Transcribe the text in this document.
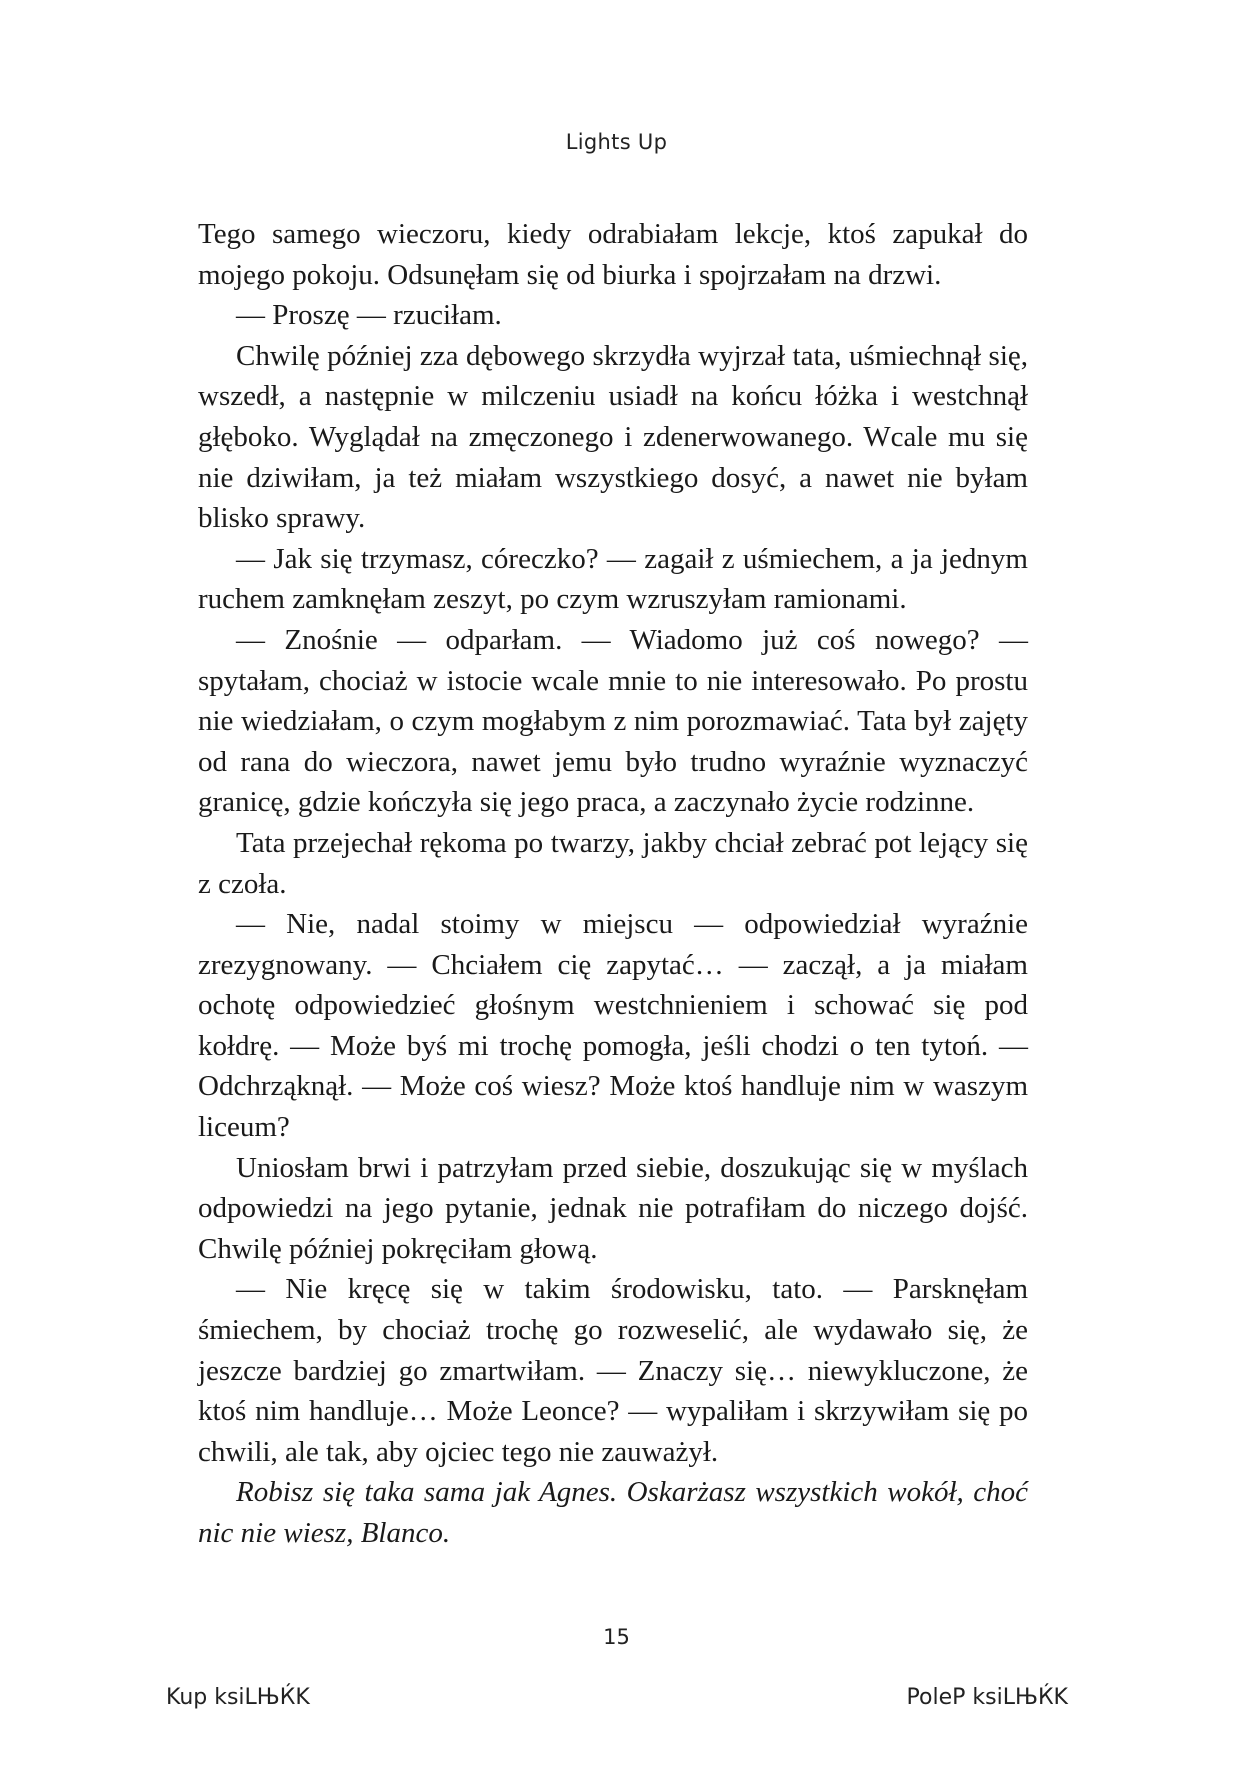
Lights Up

Tego samego wieczoru, kiedy odrabiałam lekcje, ktoś zapukał do mojego pokoju. Odsunęłam się od biurka i spojrzałam na drzwi.

— Proszę — rzuciłam.

Chwilę później zza dębowego skrzydła wyjrzał tata, uśmiechnął się, wszedł, a następnie w milczeniu usiadł na końcu łóżka i westchnął głęboko. Wyglądał na zmęczonego i zdenerwowanego. Wcale mu się nie dziwiłam, ja też miałam wszystkiego dosyć, a nawet nie byłam blisko sprawy.

— Jak się trzymasz, córeczko? — zagaił z uśmiechem, a ja jednym ruchem zamknęłam zeszyt, po czym wzruszyłam ramionami.

— Znośnie — odparłam. — Wiadomo już coś nowego? — spytałam, chociaż w istocie wcale mnie to nie interesowało. Po prostu nie wiedziałam, o czym mogłabym z nim porozmawiać. Tata był zajęty od rana do wieczora, nawet jemu było trudno wyraźnie wyznaczyć granicę, gdzie kończyła się jego praca, a zaczynało życie rodzinne.

Tata przejechał rękoma po twarzy, jakby chciał zebrać pot lejący się z czoła.

— Nie, nadal stoimy w miejscu — odpowiedział wyraźnie zrezygnowany. — Chciałem cię zapytać… — zaczął, a ja miałam ochotę odpowiedzieć głośnym westchnieniem i schować się pod kołdrę. — Może byś mi trochę pomogła, jeśli chodzi o ten tytoń. — Odchrząknął. — Może coś wiesz? Może ktoś handluje nim w waszym liceum?

Uniosłam brwi i patrzyłam przed siebie, doszukując się w myślach odpowiedzi na jego pytanie, jednak nie potrafiłam do niczego dojść. Chwilę później pokręciłam głową.

— Nie kręcę się w takim środowisku, tato. — Parsknęłam śmiechem, by chociaż trochę go rozweselić, ale wydawało się, że jeszcze bardziej go zmartwiłam. — Znaczy się… niewykluczone, że ktoś nim handluje… Może Leonce? — wypaliłam i skrzywiłam się po chwili, ale tak, aby ojciec tego nie zauważył.

Robisz się taka sama jak Agnes. Oskarżasz wszystkich wokół, choć nic nie wiesz, Blanco.

15
Kup ksiLЊЌK	PoleP ksiLЊЌK
